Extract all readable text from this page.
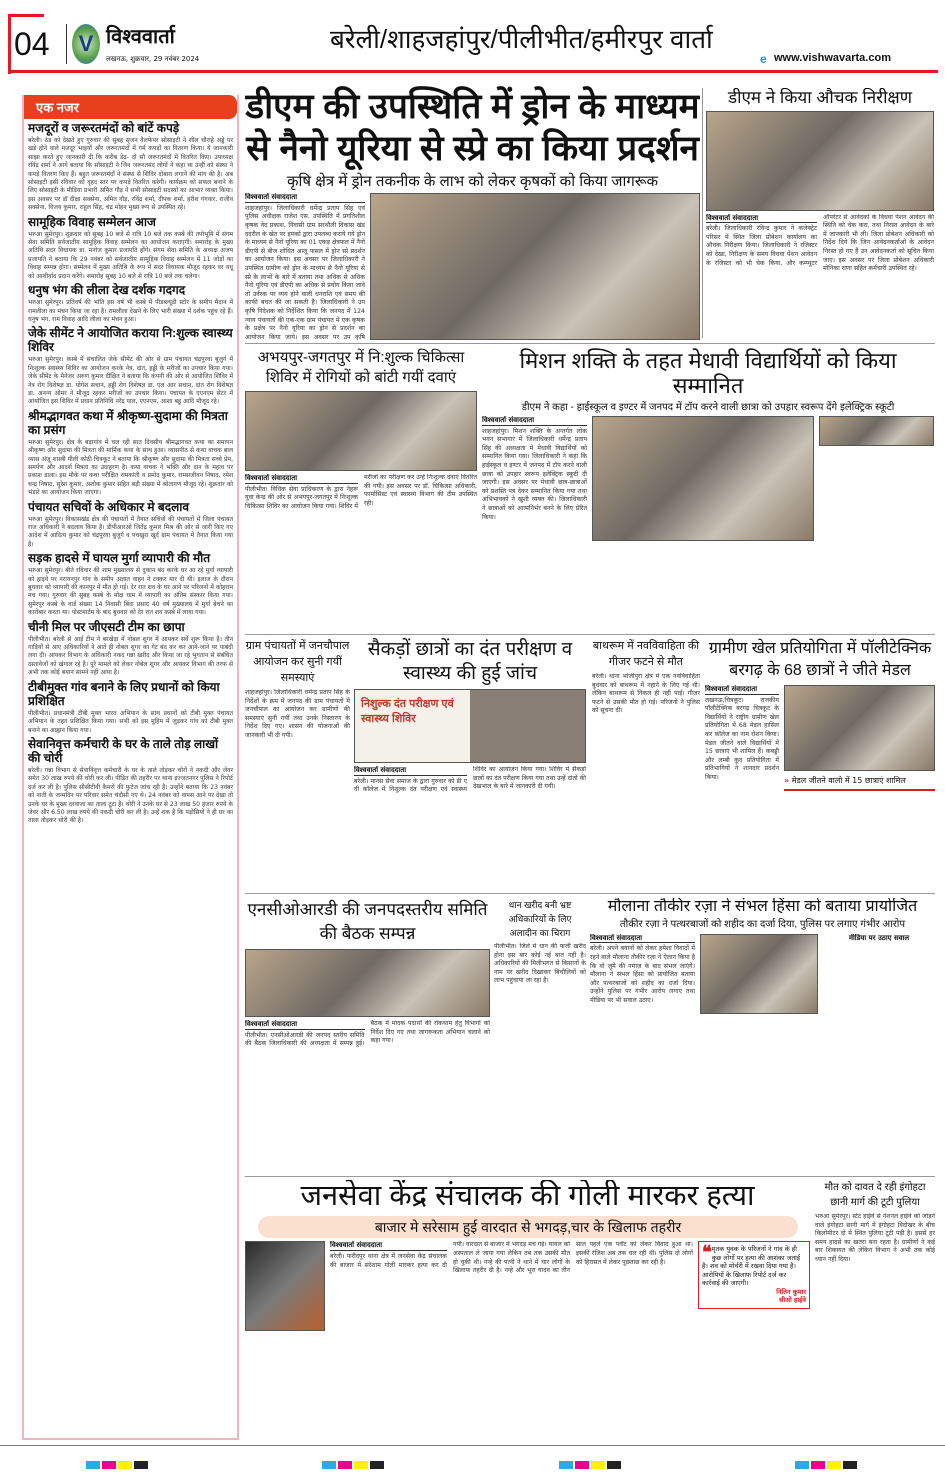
04	V विश्ववार्ता
लखनऊ, शुक्रवार, 29 नवंबर 2024
बरेली/शाहजहांपुर/पीलीभीत/हमीरपुर वार्ता
e www.vishwavarta.com
एक नजर
मजदूरों व जरूरतमंदों को बांटें कपड़े

बरेली। ठंड को देखते हुए गुरुवार की सुबह सृजन वैलफेयर सोसाइटी ने शील चौराहे अड्डे पर खड़े होने वाले मजदूर भाइयों और जरूरतमंदों में गर्म कपड़ों का वितरण किया। ये जानकारी साझा करते हुए जानकारी दी कि करीब डेढ़- दो सौ जरूरतमंदों में वितरित किए। उपाध्यक्ष रविंद्र शर्मा ने आगे बताया कि सोसाइटी ने जिन जरूरतमंद लोगों ने कहा था उन्हीं को संस्था ने कपड़े वितरण किए हैं। बहुत जरूरतमंदों ने संस्था से शिविर दोबारा लगाने की मांग की है। अब सोसाइटी इसी रविवार को वृहद स्तर पर कपड़े वितरित करेगी। कार्यक्रम को सफल बनाने के लिए सोसाइटी के मीडिया प्रभारी अमित गौड़ ने सभी सोसाइटी सदस्यों का आभार व्यक्त किया। इस अवसर पर डॉ दीक्षा सक्सेना, अमित गौड़, रविंद्र शर्मा, दीपक शर्मा, हरीश गंगवार, राजीव सक्सेना, विजय कुमार, राहुल सिंह, चंद्र मोहन मुख्य रूप से उपस्थित रहे।

सामूहिक विवाह सम्मेलन आज

भरुआ सुमेरपुर। शुक्रवार को सुबह 10 बजे से रात्रि 10 बजे तक कस्बे की तपोभूमि में संगम सेवा समिति सर्वजातीय सामूहिक विवाह सम्मेलन का आयोजन कराएगी। समारोह के मुख्य अतिथि सदर विधायक डा. मनोज कुमार प्रजापति होंगे। संगम सेवा समिति के अध्यक्ष अजय प्रजापति ने बताया कि 29 नवंबर को सर्वजातीय सामूहिक विवाह सम्मेलन में 11 जोड़ों का विवाह सम्पन्न होगा। सम्मेलन में मुख्य अतिथि के रूप में सदर विधायक मौजूद रहकर वर वधू को आशीर्वाद प्रदान करेंगे। समारोह सुबह 10 बजे से रात्रि 10 बजे तक चलेगा।

धनुष भंग की लीला देख दर्शक गदगद

भरुआ सुमेरपुर। प्रतिवर्ष की भांति इस वर्ष भी कस्बे में पीडब्ल्यूडी स्टोर के समीप मैदान में रामलीला का मंचन किया जा रहा है। रामलीला देखने के लिए भारी संख्या में दर्शक पहुंच रहे हैं। धनुष भंग, राम विवाह आदि लीला का मंचन हुआ।

जेके सीमेंट ने आयोजित कराया नि:शुल्क स्वास्थ्य शिविर

भरुआ सुमेरपुर। कस्बे में संचालित जेके सीमेंट की ओर से ग्राम पंचायत चंद्रपुरवा बुजुर्ग में निःशुल्क स्वास्थ्य शिविर का आयोजन करके नेत्र, दांत, हड्डी के मरीजों का उपचार किया गया। जेके सीमेंट के मैनेजर अरुण कुमार दीक्षित ने बताया कि कंपनी की ओर से आयोजित शिविर में नेत्र रोग विशेषज्ञ डा. योगेश सचान, हड्डी रोग विशेषज्ञ डा. एल आर सचान, दांत रोग विशेषज्ञ डा. अनन्य ओमर ने मौजूद रहकर मरीजों का उपचार किया। पंचायत के एएनएम सेंटर में आयोजित इस शिविर में प्रधान प्रतिनिधि नरेंद्र पाल, एएनएम, आशा बहू आदि मौजूद रहे।

श्रीमद्भागवत कथा में श्रीकृष्ण-सुदामा की मित्रता का प्रसंग

भरुआ सुमेरपुर। क्षेत्र के बड़ागांव में चल रही सात दिवसीय श्रीमद्भागवत कथा का समापन श्रीकृष्ण और सुदामा की मित्रता की मार्मिक कथा के साथ हुआ। व्यासपीठ से कथा वाचक बाल व्यास अंजू शास्त्री पीली कोठी चित्रकूट ने बताया कि श्रीकृष्ण और सुदामा की मित्रता सच्चे प्रेम, समर्पण और आदर्श मित्रता का उदाहरण है। कथा वाचक ने भक्ति और दान के महत्व पर प्रकाश डाला। इस मौके पर कथा परीक्षित रामकांती व प्रमोद कुमार, रामसजीवन निषाद, रमेश चन्द्र निषाद, सुरेश कुमार, अशोक कुमार सहित बड़ी संख्या में श्रोतागण मौजूद रहे। शुक्रवार को भंडारे का आयोजन किया जाएगा।

पंचायत सचिवों के अधिकार मे बदलाव

भरुआ सुमेरपुर। विकासखंड क्षेत्र की पंचायतों में तैनात सचिवों की पंचायतों में जिला पंचायत राज अधिकारी ने बदलाव किया है। डीपीआरओ जितेंद्र कुमार मिश्र की ओर से जारी किए गए आदेश में आदित्य कुमार को चंद्रपुरवा बुजुर्ग व पचखुरा खुर्द ग्राम पंचायत में तैनात किया गया है।

सड़क हादसे में घायल मुर्गा व्यापारी की मौत

भरुआ सुमेरपुर। बीते रविवार की शाम मुख्यालय से दुकान बंद करके घर आ रहे मुर्गा व्यापारी को हाइवे पर नरायनपुर गांव के समीप अज्ञात वाहन ने टक्कर मार दी थी। इलाज के दौरान बुधवार को व्यापारी की कानपुर में मौत हो गई। देर रात शव के घर आने पर परिजनों में कोहराम मच गया। गुरुवार की सुबह कस्बे के मोक्ष धाम में व्यापारी का अंतिम संस्कार किया गया। सुमेरपुर कस्बे के वार्ड संख्या 14 निवासी बिंदा प्रसाद 40 वर्ष मुख्यालय में मुर्गा बेचने का कारोबार करता था। पोस्टमार्टम के बाद बुधवार को देर रात शव कस्बे में लाया गया।

चीनी मिल पर जीएसटी टीम का छापा

पीलीभीत। बरेली से आई टीम ने बरखेड़ा में नोबल शुगर में आयकर सर्वे शुरू किया है। तीन गाड़ियों से आए अधिकारियों ने आते ही नोबल शुगर का गेट बंद कर कर आने-जाने पर पाबंदी लगा दी। आयकर विभाग के अधिकारी नकद गन्ना खरीद और किया जा रहे भुगतान से संबंधित दस्तावेजों को खंगाल रहे है। पूरे मामले को लेकर नोबेल शुगर और आयकर विभाग की तरफ से अभी तक कोई बयान सामने नहीं आया है।

टीबीमुक्त गांव बनाने के लिए प्रधानों को किया प्रशिक्षित

पीलीभीत। प्रधानमंत्री टीबी मुक्त भारत अभियान के साथ प्रधानों को टीबी मुक्त पंचायत अभियान के तहत प्रशिक्षित किया गया। सभी को इस मुहिम में जुड़कर गांव को टीबी मुक्त बनाने का आह्वान किया गया।

सेवानिवृत्त कर्मचारी के घर के ताले तोड़ लाखों की चोरी

बरेली। गन्ना विभाग से सेवानिवृत्त कर्मचारी के घर के ताले तोड़कर चोरों ने नकदी और जेवर समेत 30 लाख रुपये की चोरी कर ली। पीड़ित की तहरीर पर थाना इज्जतनगर पुलिस ने रिपोर्ट दर्ज कर ली है। पुलिस सीसीटीवी कैमरों की फुटेज जांच रही है। उन्होंने बताया कि 23 नवंबर को नाती के जन्मदिन पर परिवार समेत चंदौसी गए थे। 24 नवंबर को वापस आने पर देखा तो उनके घर के मुख्य दरवाजा का ताला टूटा है। चोरी ने उनके घर से 23 लाख 50 हजार रुपये के जेवर और 6.50 लाख रुपये की नकदी चोरी कर ली है। उन्हें शक है कि पड़ोसियों ने ही घर का ताला तोड़कर चोरी की है।

डीएम की उपस्थिति में ड्रोन के माध्यम से नैनो यूरिया से स्प्रे का किया प्रदर्शन
कृषि क्षेत्र में ड्रोन तकनीक के लाभ को लेकर कृषकों को किया जागरूक
विश्ववार्ता संवाददाता
शाहजहांपुर। जिलाधिकारी धर्मेन्द्र प्रताप सिंह एवं पुलिस अधीक्षक राजेश एस. उपस्थिति में प्रगतिशील कृषक वेद प्रकाश, निवासी ग्राम सरथौली विकास खंड ददरौल के खेत पर इफ्को द्वारा उपलब्ध कराये गये ड्रोन के माध्यम से नैनो यूरिया का 01 एकड़ क्षेत्रफल में नैनो डीएपी से बीज शोधित आलू फसल में ड्रोन स्प्रे प्रदर्शन का आयोजन किया। इस अवसर पर जिलाधिकारी ने उपस्थित ग्रामीण को ड्रोन के माध्यम से नैनो यूरिया से स्प्रे के लाभों के बारे में बताया तथा अधिक से अधिक नैनो यूरिया एवं डीएपी का अधिक से प्रयोग किया जावे तो उर्वरक पर व्यय होने वाली धनराशि एवं समय की काफी बचत की जा सकती है। जिलाधिकारी ने उप कृषि निदेशक को निर्देशित किया कि जनपद में 124 न्याय पंचायतों की एक-एक ग्राम पंचायत में एक कृषक के प्रक्षेत्र पर नैनो यूरिया का ड्रोन से प्रदर्शन का आयोजन किया जाये। इस अवसर पर उप कृषि
डीएम ने किया औचक निरीक्षण
विश्ववार्ता संवाददाता
बरेली। जिलाधिकारी रविन्द्र कुमार ने कलेक्ट्रेट परिसर में स्थित जिला प्रोबेशन कार्यालय का औचक निरीक्षण किया। जिलाधिकारी ने रजिस्टर को देखा, निरीक्षण के समय विधवा पेंशन आवेदन के रजिस्टर को भी चेक किया, और कम्प्यूटर ऑपरेटर से आवेदकों के विधवा पेंशन आवेदन की स्थिति को चेक करा, तथा निरस्त आवेदन के बारे में जानकारी भी ली। जिला प्रोबेशन अधिकारी को निर्देश दिये कि जिन आवेदनकर्ताओं के आवेदन निरस्त हो गए हैं उन आवेदनकर्ता को सूचित किया जाए। इस अवसर पर जिला प्रोबेशन अधिकारी मोनिका राणा सहित कर्मचारी उपस्थित रहे।
अभयपुर-जगतपुर में नि:शुल्क चिकित्सा शिविर में रोगियों को बांटी गयीं दवाएं
विश्ववार्ता संवाददाता
पीलीभीत। विधिक सेवा प्राधिकरण के द्वारा नेहरू युवा केन्द्र की ओर से अभयपुर-जगतपुर में निःशुल्क चिकित्सा शिविर का आयोजन किया गया। शिविर में मरीजों का परीक्षण कर उन्हें निःशुल्क दवाएं वितरित की गयी। इस अवसर पर डॉ. चिकित्सा अधिकारी, फार्मासिस्ट एवं स्वास्थ्य विभाग की टीम उपस्थित रही।
मिशन शक्ति के तहत मेधावी विद्यार्थियों को किया सम्मानित
डीएम ने कहा - हाईस्कूल व इण्टर में जनपद में टॉप करने वाली छात्रा को उपहार स्वरूप देंगे इलेक्ट्रिक स्कूटी
विश्ववार्ता संवाददाता
शाहजहांपुर। मिशन शक्ति के अन्तर्गत लोक भवन सभागार में जिलाधिकारी धर्मेन्द्र प्रताप सिंह की अध्यक्षता में मेधावी विद्यार्थियों को सम्मानित किया गया। जिलाधिकारी ने कहा कि हाईस्कूल व इण्टर में जनपद में टॉप करने वाली छात्रा को उपहार स्वरूप इलेक्ट्रिक स्कूटी दी जाएगी। इस अवसर पर मेधावी छात्र-छात्राओं को प्रशस्ति पत्र देकर सम्मानित किया गया तथा अभिभावकों ने खुशी व्यक्त की। जिलाधिकारी ने छात्राओं को आत्मनिर्भर बनने के लिए प्रेरित किया।
ग्राम पंचायतों में जनचौपाल आयोजन कर सुनी गयीं समस्याएं
शाहजहांपुर। जिलाधिकारी धर्मेन्द्र प्रताप सिंह के निर्देशों के क्रम में जनपद की ग्राम पंचायतों में जनचौपाल का आयोजन कर ग्रामीणों की समस्याएं सुनी गयीं तथा उनके निस्तारण के निर्देश दिए गए। शासन की योजनाओं की जानकारी भी दी गयी।
सैकड़ों छात्रों का दंत परीक्षण व स्वास्थ्य की हुई जांच
निशुल्क दंत परीक्षण एवं स्वास्थ्य शिविर
विश्ववार्ता संवाददाता
बरेली। मानस सेवा समाज के द्वारा गुरुवार को डी ए वी कॉलेज में निशुल्क दंत परीक्षण एवं स्वास्थ्य शिविर का आयोजन किया गया। शिविर में सैकड़ों छात्रों का दंत परीक्षण किया गया तथा उन्हें दांतों की देखभाल के बारे में जानकारी दी गयी।
बाथरूम में नवविवाहिता की गीजर फटने से मौत
बरेली। थाना भोजीपुरा क्षेत्र में एक नवविवाहिता बुधवार को बाथरूम में नहाने के लिए गई थी। लेकिन बाथरूम से निकल ही नहीं पाई। गीजर फटने से उसकी मौत हो गई। परिजनों ने पुलिस को सूचना दी।
ग्रामीण खेल प्रतियोगिता में पॉलीटेक्निक बरगढ़ के 68 छात्रों ने जीते मेडल
विश्ववार्ता संवाददाता
लखनऊ,चित्रकूट। राजकीय पॉलीटेक्निक बरगढ़ चित्रकूट के विद्यार्थियों ने राष्ट्रीय ग्रामीण खेल प्रतियोगिता में 68 मेडल हासिल कर कॉलेज का नाम रोशन किया। मेडल जीतने वाले विद्यार्थियों में 15 छात्राएं भी शामिल हैं। कबड्डी और लम्बी कूद प्रतियोगिता में प्रतिभागियों ने शानदार प्रदर्शन किया।	» मेडल जीतने वालो में 15 छात्राएं शामिल
एनसीओआरडी की जनपदस्तरीय समिति की बैठक सम्पन्न
विश्ववार्ता संवाददाता
पीलीभीत। एनसीओआरडी की जनपद स्तरीय समिति की बैठक जिलाधिकारी की अध्यक्षता में सम्पन्न हुई। बैठक में मादक पदार्थों की रोकथाम हेतु विभागों को निर्देश दिए गए तथा जागरूकता अभियान चलाने को कहा गया।
धान खरीद बनी भ्रष्ट अधिकारियों के लिए अलादीन का चिराग
पीलीभीत। जिले में धान की फर्जी खरीद होना इस बार कोई नई बात नहीं है। अधिकारियों की मिलीभगत से किसानों के नाम पर खरीद दिखाकर बिचौलियों को लाभ पहुंचाया जा रहा है।
मौलाना तौकीर रज़ा ने संभल हिंसा को बताया प्रायोजित
तौकीर रज़ा ने पत्थरबाजों को शहीद का दर्जा दिया, पुलिस पर लगाए गंभीर आरोप
विश्ववार्ता संवाददाता
बरेली। अपने बयानों को लेकर हमेशा विवादों में रहने वाले मौलाना तौकीर रज़ा ने ऐलान किया है कि वो जुमे की नमाज़ के बाद संभल जाएंगे। मौलाना ने संभल हिंसा को प्रायोजित बताया और पत्थरबाजों को शहीद का दर्जा दिया। उन्होंने पुलिस पर गंभीर आरोप लगाए तथा मीडिया पर भी सवाल उठाए।
मीडिया पर उठाए सवाल
जनसेवा केंद्र संचालक की गोली मारकर हत्या
बाजार मे सरेसाम हुई वारदात से भगदड़,चार के खिलाफ तहरीर
विश्ववार्ता संवाददाता
बरेली। फरीदपुर थाना क्षेत्र में जनसेवा केंद्र संचालक की बाजार में सरेशाम गोली मारकर हत्या कर दी गयी। वारदात से बाजार में भगदड़ मच गई। घायल को अस्पताल ले जाया गया लेकिन तब तक उसकी मौत हो चुकी थी। नन्हे की पत्नी ने थाने में चार लोगों के खिलाफ तहरीर दी है। नन्हे और भूरा यादव का तीन साल पहले एक प्लॉट को लेकर विवाद हुआ था। इसकी रंजिश अब तक चल रही थी। पुलिस दो लोगों को हिरासत में लेकर पूछताछ कर रही है।	❝ मृतक युवक के परिजनों ने गांव के ही कुछ लोगों पर हत्या की आशंका जताई है। शव को मोर्चरी में रखवा दिया गया है। आरोपियों के खिलाफ रिपोर्ट दर्ज कर कार्रवाई की जाएगी।
नितिन कुमार
सीओ हाईवे
मौत को दावत दे रही इंगोहटा छानी मार्ग की टूटी पुलिया
भरुआ सुमेरपुर। स्टेट हाईवे से नेशनल हाईवे को जोड़ने वाले इंगोहटा छानी मार्ग में इंगोहटा विदोखर के बीच किलोमीटर दो में स्थित पुलिया टूटी पड़ी है। इससे हर समय हादसे का खतरा बना रहता है। ग्रामीणों ने कई बार शिकायत की लेकिन विभाग ने अभी तक कोई ध्यान नहीं दिया।
